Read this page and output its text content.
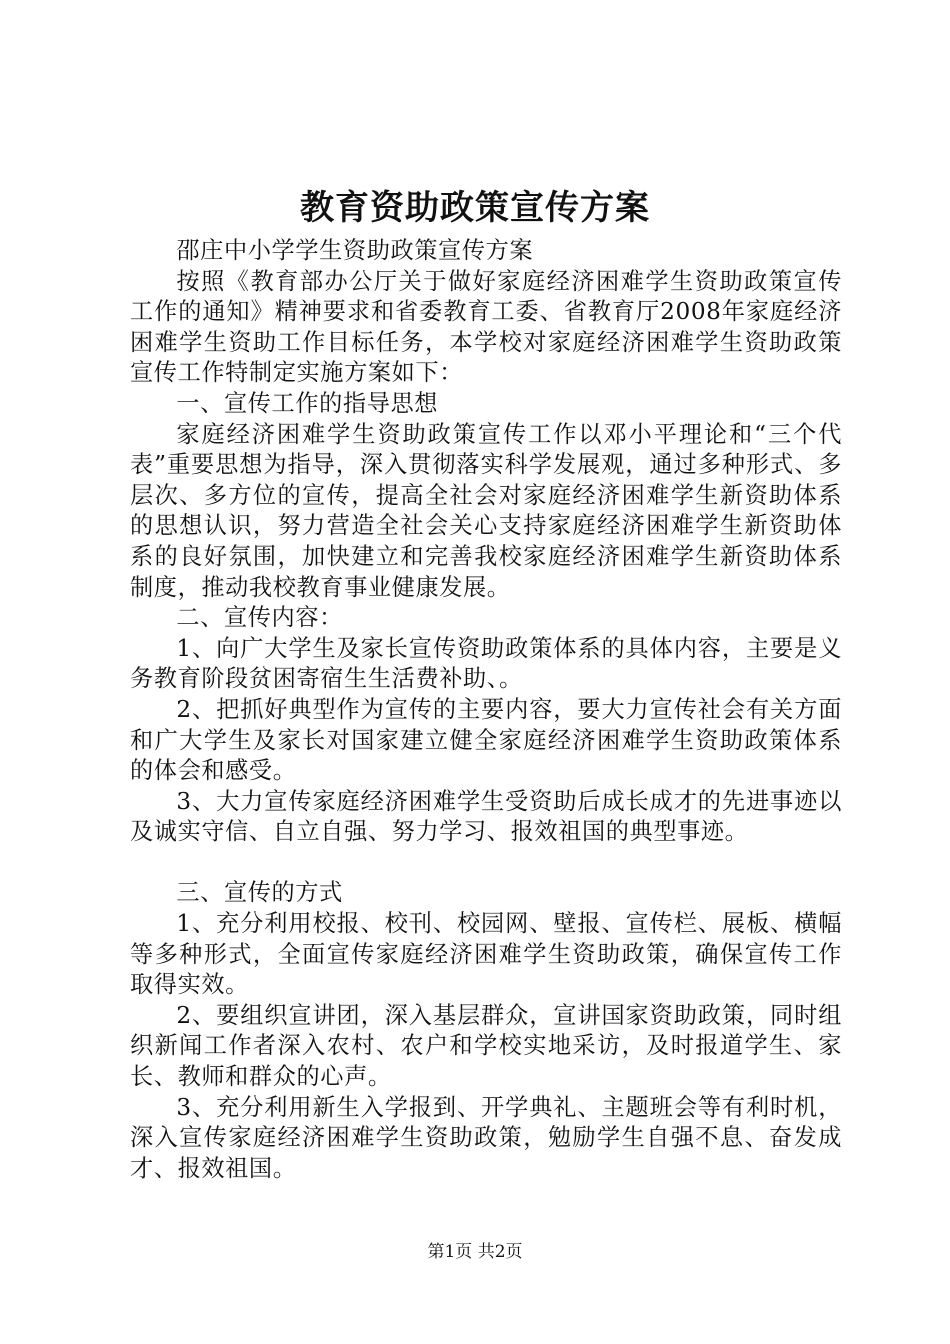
教育资助政策宣传方案

邵庄中小学学生资助政策宣传方案

按照《教育部办公厅关于做好家庭经济困难学生资助政策宣传工作的通知》精神要求和省委教育工委、省教育厅2008年家庭经济困难学生资助工作目标任务，本学校对家庭经济困难学生资助政策宣传工作特制定实施方案如下：

一、宣传工作的指导思想

家庭经济困难学生资助政策宣传工作以邓小平理论和“三个代表”重要思想为指导，深入贯彻落实科学发展观，通过多种形式、多层次、多方位的宣传，提高全社会对家庭经济困难学生新资助体系的思想认识，努力营造全社会关心支持家庭经济困难学生新资助体系的良好氛围，加快建立和完善我校家庭经济困难学生新资助体系制度，推动我校教育事业健康发展。

二、宣传内容：

1、向广大学生及家长宣传资助政策体系的具体内容，主要是义务教育阶段贫困寄宿生生活费补助、。

2、把抓好典型作为宣传的主要内容，要大力宣传社会有关方面和广大学生及家长对国家建立健全家庭经济困难学生资助政策体系的体会和感受。

3、大力宣传家庭经济困难学生受资助后成长成才的先进事迹以及诚实守信、自立自强、努力学习、报效祖国的典型事迹。

三、宣传的方式

1、充分利用校报、校刊、校园网、壁报、宣传栏、展板、横幅等多种形式，全面宣传家庭经济困难学生资助政策，确保宣传工作取得实效。

2、要组织宣讲团，深入基层群众，宣讲国家资助政策，同时组织新闻工作者深入农村、农户和学校实地采访，及时报道学生、家长、教师和群众的心声。

3、充分利用新生入学报到、开学典礼、主题班会等有利时机，深入宣传家庭经济困难学生资助政策，勉励学生自强不息、奋发成才、报效祖国。

第1页 共2页
